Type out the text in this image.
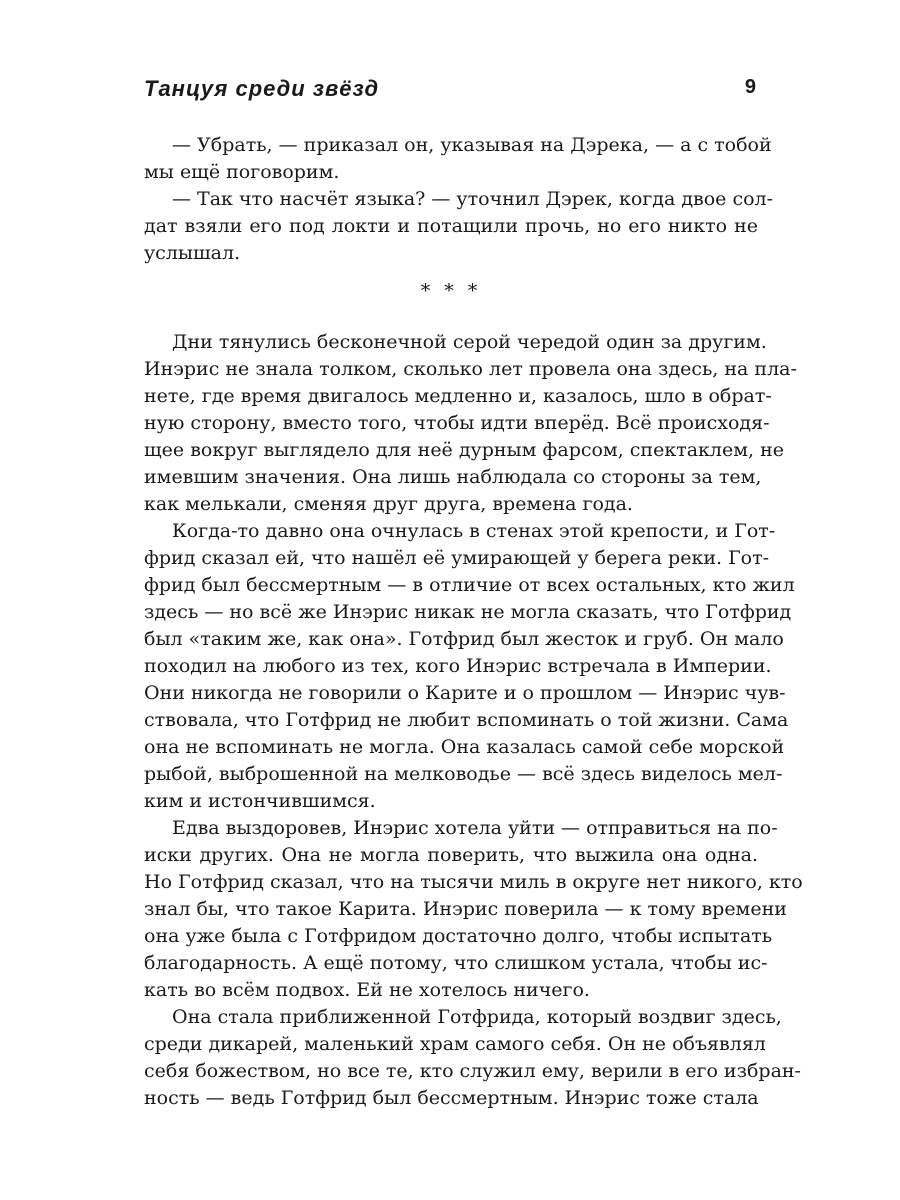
Танцуя среди звёзд	9
— Убрать, — приказал он, указывая на Дэрека, — а с тобой
мы ещё поговорим.
— Так что насчёт языка? — уточнил Дэрек, когда двое сол-
дат взяли его под локти и потащили прочь, но его никто не
услышал.
* * *
Дни тянулись бесконечной серой чередой один за другим.
Инэрис не знала толком, сколько лет провела она здесь, на пла-
нете, где время двигалось медленно и, казалось, шло в обрат-
ную сторону, вместо того, чтобы идти вперёд. Всё происходя-
щее вокруг выглядело для неё дурным фарсом, спектаклем, не
имевшим значения. Она лишь наблюдала со стороны за тем,
как мелькали, сменяя друг друга, времена года.
Когда-то давно она очнулась в стенах этой крепости, и Гот-
фрид сказал ей, что нашёл её умирающей у берега реки. Гот-
фрид был бессмертным — в отличие от всех остальных, кто жил
здесь — но всё же Инэрис никак не могла сказать, что Готфрид
был «таким же, как она». Готфрид был жесток и груб. Он мало
походил на любого из тех, кого Инэрис встречала в Империи.
Они никогда не говорили о Карите и о прошлом — Инэрис чув-
ствовала, что Готфрид не любит вспоминать о той жизни. Сама
она не вспоминать не могла. Она казалась самой себе морской
рыбой, выброшенной на мелководье — всё здесь виделось мел-
ким и истончившимся.
Едва выздоровев, Инэрис хотела уйти — отправиться на по-
иски других. Она не могла поверить, что выжила она одна.
Но Готфрид сказал, что на тысячи миль в округе нет никого, кто
знал бы, что такое Карита. Инэрис поверила — к тому времени
она уже была с Готфридом достаточно долго, чтобы испытать
благодарность. А ещё потому, что слишком устала, чтобы ис-
кать во всём подвох. Ей не хотелось ничего.
Она стала приближенной Готфрида, который воздвиг здесь,
среди дикарей, маленький храм самого себя. Он не объявлял
себя божеством, но все те, кто служил ему, верили в его избран-
ность — ведь Готфрид был бессмертным. Инэрис тоже стала
